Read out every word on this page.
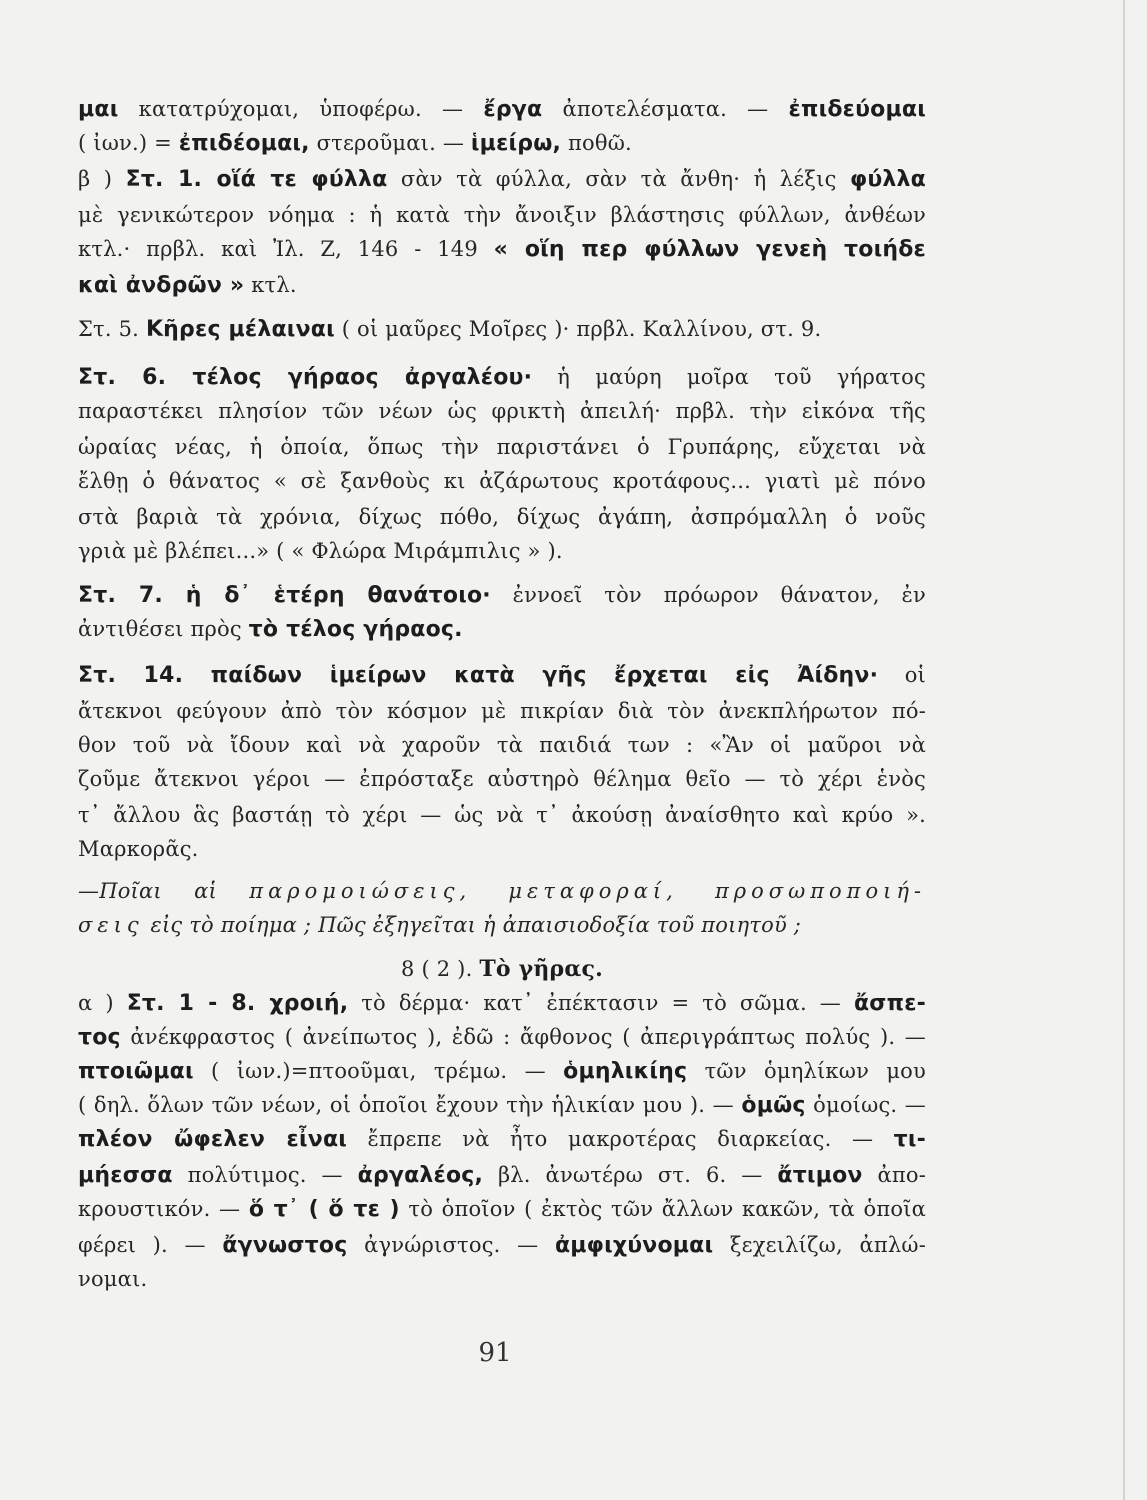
μαι κατατρύχομαι, ὑποφέρω. — ἔργα ἀποτελέσματα. — ἐπιδεύομαι
( ἰων.) = ἐπιδέομαι, στεροῦμαι. — ἱμείρω, ποθῶ.
β ) Στ. 1. οἵά τε φύλλα σὰν τὰ φύλλα, σὰν τὰ ἄνθη· ἡ λέξις φύλλα
μὲ γενικώτερον νόημα : ἡ κατὰ τὴν ἄνοιξιν βλάστησις φύλλων, ἀνθέων
κτλ.· πρβλ. καὶ Ἰλ. Ζ, 146 - 149 « οἵη περ φύλλων γενεὴ τοιήδε
καὶ ἀνδρῶν » κτλ.
Στ. 5. Κῆρες μέλαιναι ( οἱ μαῦρες Μοῖρες )· πρβλ. Καλλίνου, στ. 9.
Στ. 6. τέλος γήραος ἀργαλέου· ἡ μαύρη μοῖρα τοῦ γήρατος
παραστέκει πλησίον τῶν νέων ὡς φρικτὴ ἀπειλή· πρβλ. τὴν εἰκόνα τῆς
ὡραίας νέας, ἡ ὁποία, ὅπως τὴν παριστάνει ὁ Γρυπάρης, εὔχεται νὰ
ἔλθῃ ὁ θάνατος « σὲ ξανθοὺς κι ἀζάρωτους κροτάφους... γιατὶ μὲ πόνο
στὰ βαριὰ τὰ χρόνια, δίχως πόθο, δίχως ἀγάπη, ἀσπρόμαλλη ὁ νοῦς
γριὰ μὲ βλέπει...» ( « Φλώρα Μιράμπιλις » ).
Στ. 7. ἡ δ᾽ ἑτέρη θανάτοιο· ἐννοεῖ τὸν πρόωρον θάνατον, ἐν
ἀντιθέσει πρὸς τὸ τέλος γήραος.
Στ. 14. παίδων ἱμείρων κατὰ γῆς ἔρχεται εἰς Ἀίδην· οἱ
ἄτεκνοι φεύγουν ἀπὸ τὸν κόσμον μὲ πικρίαν διὰ τὸν ἀνεκπλήρωτον πό-
θον τοῦ νὰ ἴδουν καὶ νὰ χαροῦν τὰ παιδιά των : «Ἂν οἱ μαῦροι νὰ
ζοῦμε ἄτεκνοι γέροι — ἐπρόσταξε αὐστηρὸ θέλημα θεῖο — τὸ χέρι ἑνὸς
τ᾽ ἄλλου ἃς βαστάῃ τὸ χέρι — ὡς νὰ τ᾽ ἀκούσῃ ἀναίσθητο καὶ κρύο ».
Μαρκορᾶς.
—Ποῖαι αἱ παρομοιώσεις, μεταφοραί, προσωποποιή-
σεις εἰς τὸ ποίημα ; Πῶς ἐξηγεῖται ἡ ἀπαισιοδοξία τοῦ ποιητοῦ ;
8 ( 2 ). Τὸ γῆρας.
α ) Στ. 1 - 8. χροιή, τὸ δέρμα· κατ᾽ ἐπέκτασιν = τὸ σῶμα. — ἄσπε-
τος ἀνέκφραστος ( ἀνείπωτος ), ἐδῶ : ἄφθονος ( ἀπεριγράπτως πολύς ). —
πτοιῶμαι ( ἰων.)=πτοοῦμαι, τρέμω. — ὁμηλικίης τῶν ὁμηλίκων μου
( δηλ. ὅλων τῶν νέων, οἱ ὁποῖοι ἔχουν τὴν ἡλικίαν μου ). — ὁμῶς ὁμοίως. —
πλέον ὤφελεν εἶναι ἔπρεπε νὰ ἦτο μακροτέρας διαρκείας. — τι-
μήεσσα πολύτιμος. — ἀργαλέος, βλ. ἀνωτέρω στ. 6. — ἄτιμον ἀπο-
κρουστικόν. — ὅ τ᾽ ( ὅ τε ) τὸ ὁποῖον ( ἐκτὸς τῶν ἄλλων κακῶν, τὰ ὁποῖα
φέρει ). — ἄγνωστος ἀγνώριστος. — ἀμφιχύνομαι ξεχειλίζω, ἀπλώ-
νομαι.
91
